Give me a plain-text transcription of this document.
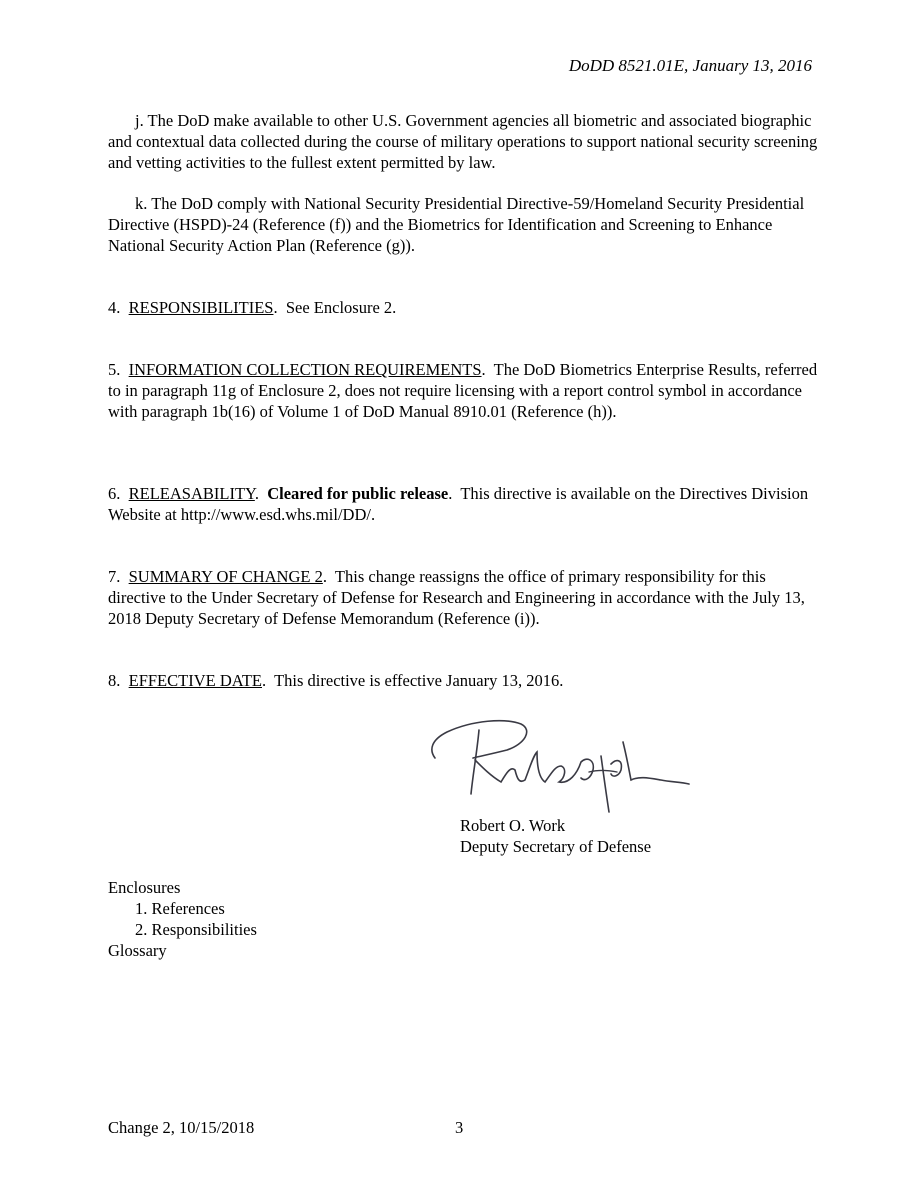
DoDD 8521.01E, January 13, 2016

j. The DoD make available to other U.S. Government agencies all biometric and associated biographic and contextual data collected during the course of military operations to support national security screening and vetting activities to the fullest extent permitted by law.

k. The DoD comply with National Security Presidential Directive-59/Homeland Security Presidential Directive (HSPD)-24 (Reference (f)) and the Biometrics for Identification and Screening to Enhance National Security Action Plan (Reference (g)).

4. RESPONSIBILITIES.  See Enclosure 2.

5. INFORMATION COLLECTION REQUIREMENTS.  The DoD Biometrics Enterprise Results, referred to in paragraph 11g of Enclosure 2, does not require licensing with a report control symbol in accordance with paragraph 1b(16) of Volume 1 of DoD Manual 8910.01 (Reference (h)).

6. RELEASABILITY.  Cleared for public release.  This directive is available on the Directives Division Website at http://www.esd.whs.mil/DD/.

7. SUMMARY OF CHANGE 2.  This change reassigns the office of primary responsibility for this directive to the Under Secretary of Defense for Research and Engineering in accordance with the July 13, 2018 Deputy Secretary of Defense Memorandum (Reference (i)).

8. EFFECTIVE DATE.  This directive is effective January 13, 2016.

Robert O. Work
Deputy Secretary of Defense
Enclosures
1. References
2. Responsibilities
Glossary
Change 2, 10/15/2018	3
